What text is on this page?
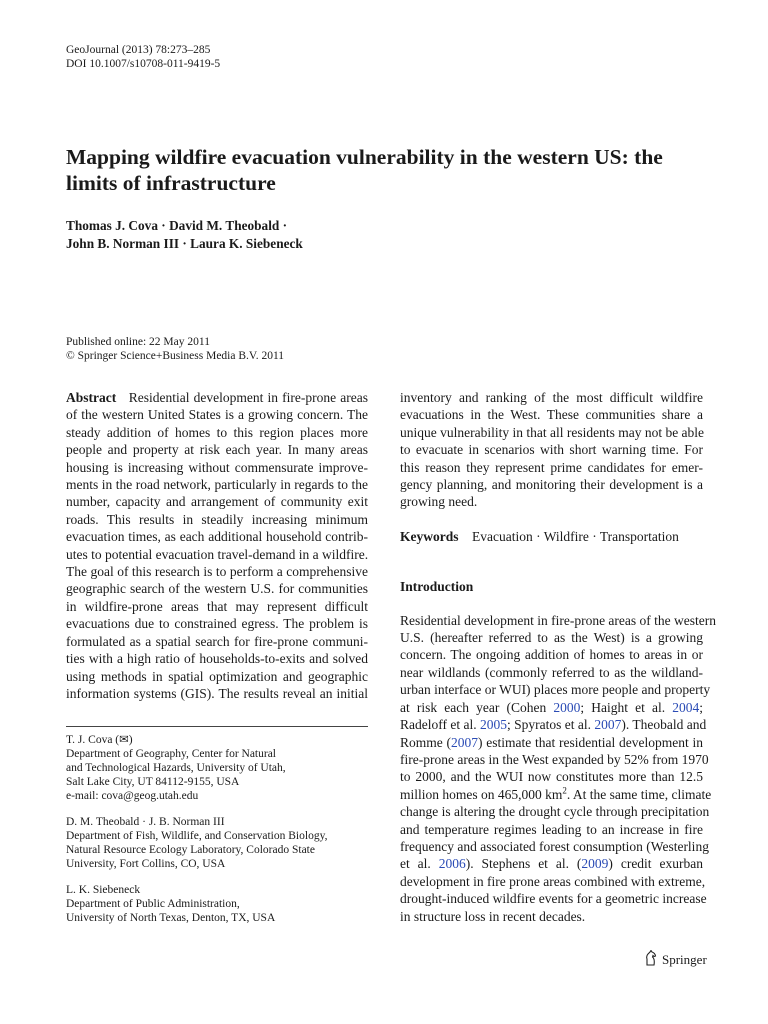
GeoJournal (2013) 78:273–285
DOI 10.1007/s10708-011-9419-5
Mapping wildfire evacuation vulnerability in the western US: the limits of infrastructure
Thomas J. Cova · David M. Theobald ·
John B. Norman III · Laura K. Siebeneck
Published online: 22 May 2011
© Springer Science+Business Media B.V. 2011
Abstract Residential development in fire-prone areas
of the western United States is a growing concern. The
steady addition of homes to this region places more
people and property at risk each year. In many areas
housing is increasing without commensurate improve-
ments in the road network, particularly in regards to the
number, capacity and arrangement of community exit
roads. This results in steadily increasing minimum
evacuation times, as each additional household contrib-
utes to potential evacuation travel-demand in a wildfire.
The goal of this research is to perform a comprehensive
geographic search of the western U.S. for communities
in wildfire-prone areas that may represent difficult
evacuations due to constrained egress. The problem is
formulated as a spatial search for fire-prone communi-
ties with a high ratio of households-to-exits and solved
using methods in spatial optimization and geographic
information systems (GIS). The results reveal an initial
T. J. Cova (✉)
Department of Geography, Center for Natural
and Technological Hazards, University of Utah,
Salt Lake City, UT 84112-9155, USA
e-mail: cova@geog.utah.edu
D. M. Theobald · J. B. Norman III
Department of Fish, Wildlife, and Conservation Biology,
Natural Resource Ecology Laboratory, Colorado State
University, Fort Collins, CO, USA
L. K. Siebeneck
Department of Public Administration,
University of North Texas, Denton, TX, USA
inventory and ranking of the most difficult wildfire
evacuations in the West. These communities share a
unique vulnerability in that all residents may not be able
to evacuate in scenarios with short warning time. For
this reason they represent prime candidates for emer-
gency planning, and monitoring their development is a
growing need.
Keywords Evacuation · Wildfire · Transportation
Introduction
Residential development in fire-prone areas of the western
U.S. (hereafter referred to as the West) is a growing
concern. The ongoing addition of homes to areas in or
near wildlands (commonly referred to as the wildland-
urban interface or WUI) places more people and property
at risk each year (Cohen 2000; Haight et al. 2004;
Radeloff et al. 2005; Spyratos et al. 2007). Theobald and
Romme (2007) estimate that residential development in
fire-prone areas in the West expanded by 52% from 1970
to 2000, and the WUI now constitutes more than 12.5
million homes on 465,000 $km^2$. At the same time, climate
change is altering the drought cycle through precipitation
and temperature regimes leading to an increase in fire
frequency and associated forest consumption (Westerling
et al. 2006). Stephens et al. (2009) credit exurban
development in fire prone areas combined with extreme,
drought-induced wildfire events for a geometric increase
in structure loss in recent decades.
Springer
